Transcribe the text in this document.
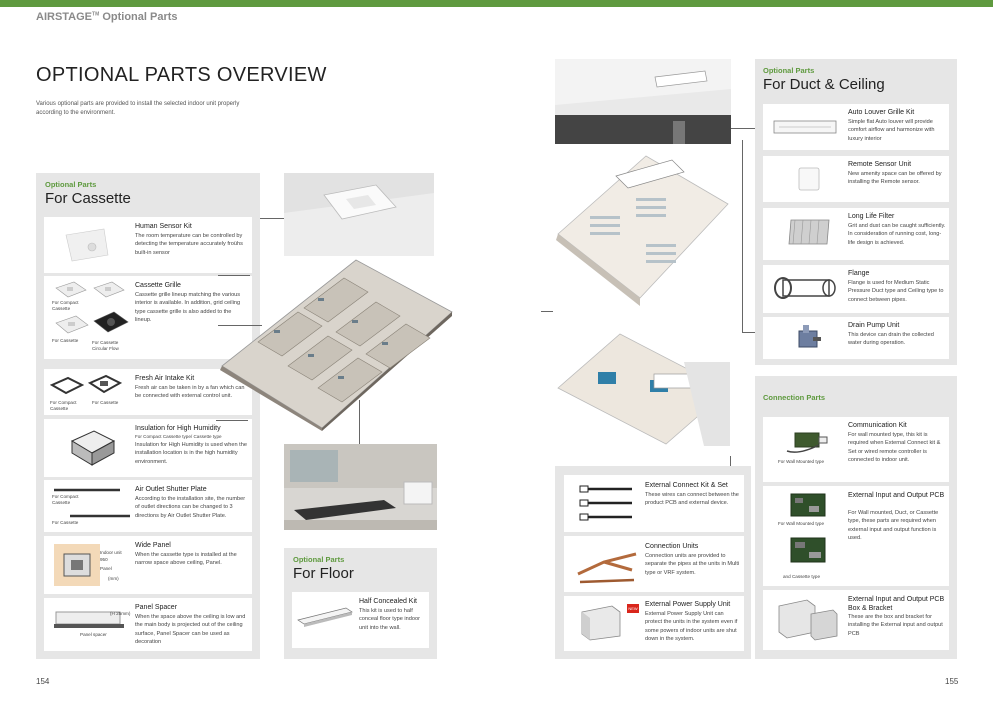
AIRSTAGE™ Optional Parts
OPTIONAL PARTS OVERVIEW
Various optional parts are provided to install the selected indoor unit properly according to the environment.
Optional Parts
For Cassette
Human Sensor Kit
The room temperature can be controlled by detecting the temperature accurately froühs built-in sensor
For Compact Cassette
For Cassette	For Cassette Circular Flow
Cassette Grille
Cassette grille lineup matching the various interior is available. In addition, grid ceiling type cassette grille is also added to the lineup.
For Compact Cassette
For Cassette
Fresh Air Intake Kit
Fresh air can be taken in by a fan which can be connected with external control unit.
Insulation for High Humidity
For Compact Cassette type/ Cassette type
Insulation for High Humidity is used when the installation location is in the high humidity environment.
For Compact Cassette
For Cassette
Air Outlet Shutter Plate
According to the installation site, the number of outlet directions can be changed to 3 directions by Air Outlet Shutter Plate.
Indoor unit
950
Panel
(mm)
Wide Panel
When the cassette type is installed at the narrow space above ceiling, Panel.
Panel spacer
(H 25mm)
Panel Spacer
When the space above the ceiling is low and the main body is projected out of the ceiling surface, Panel Spacer can be used as decoration
Optional Parts
For Floor
Half Concealed Kit
This kit is used to half conceal floor type indoor unit into the wall.
Optional Parts
For Duct & Ceiling
Auto Louver Grille Kit
Simple flat Auto louver will provide comfort airflow and harmonize with luxury interior
Remote Sensor Unit
New amenity space can be offered by installing the Remote sensor.
Long Life Filter
Grit and dust can be caught sufficiently. In consideration of running cost, long-life design is achieved.
Flange
Flange is used for Medium Static Pressure Duct type and Ceiling type to connect between pipes.
Drain Pump Unit
This device can drain the collected water during operation.
External Connect Kit & Set
These wires can connect between the product PCB and external device.
Connection Units
Connection units are provided to separate the pipes at the units in Multi type or VRF system.
NEW
External Power Supply Unit
External Power Supply Unit can protect the units in the system even if some powers of indoor units are shut down in the system.
Connection Parts
For Wall Mounted type
Communication Kit
For wall mounted type, this kit is required when External Connect kit & Set or wired remote controller is connected to indoor unit.
For Wall Mounted type
and Cassette type
External Input and Output PCB
For Wall mounted, Duct, or Cassette type, these parts are required when external input and output function is used.
External Input and Output PCB Box & Bracket
These are the box and bracket for installing the External input and output PCB
154	155
